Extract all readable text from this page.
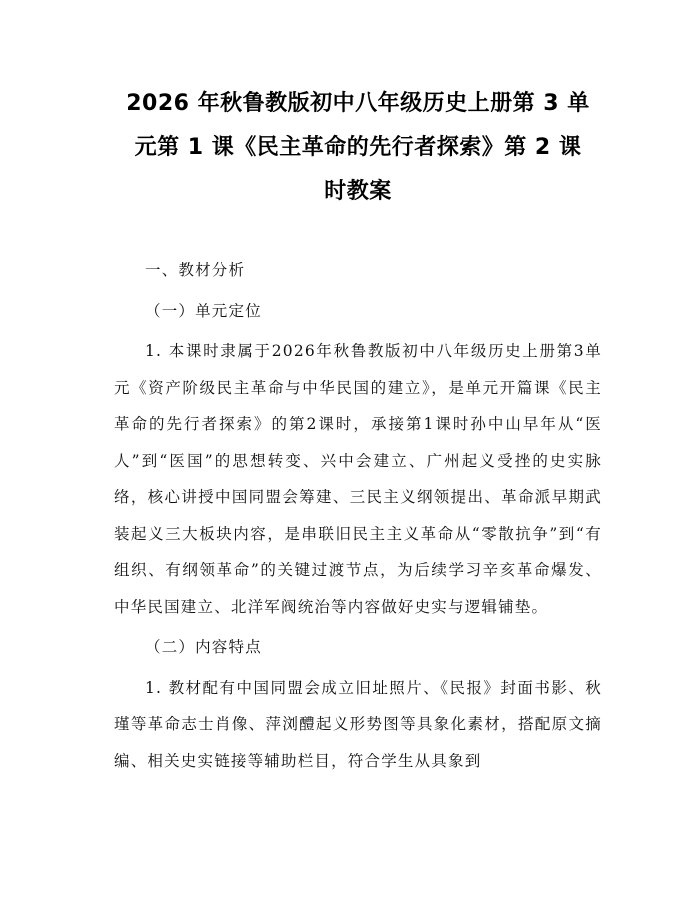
2026 年秋鲁教版初中八年级历史上册第 3 单
元第 1 课《民主革命的先行者探索》第 2 课
时教案

一、教材分析

（一）单元定位

1. 本课时隶属于2026年秋鲁教版初中八年级历史上册第3单元《资产阶级民主革命与中华民国的建立》，是单元开篇课《民主革命的先行者探索》的第2课时，承接第1课时孙中山早年从“医人”到“医国”的思想转变、兴中会建立、广州起义受挫的史实脉络，核心讲授中国同盟会筹建、三民主义纲领提出、革命派早期武装起义三大板块内容，是串联旧民主主义革命从“零散抗争”到“有组织、有纲领革命”的关键过渡节点，为后续学习辛亥革命爆发、中华民国建立、北洋军阀统治等内容做好史实与逻辑铺垫。

（二）内容特点

1. 教材配有中国同盟会成立旧址照片、《民报》封面书影、秋瑾等革命志士肖像、萍浏醴起义形势图等具象化素材，搭配原文摘编、相关史实链接等辅助栏目，符合学生从具象到
